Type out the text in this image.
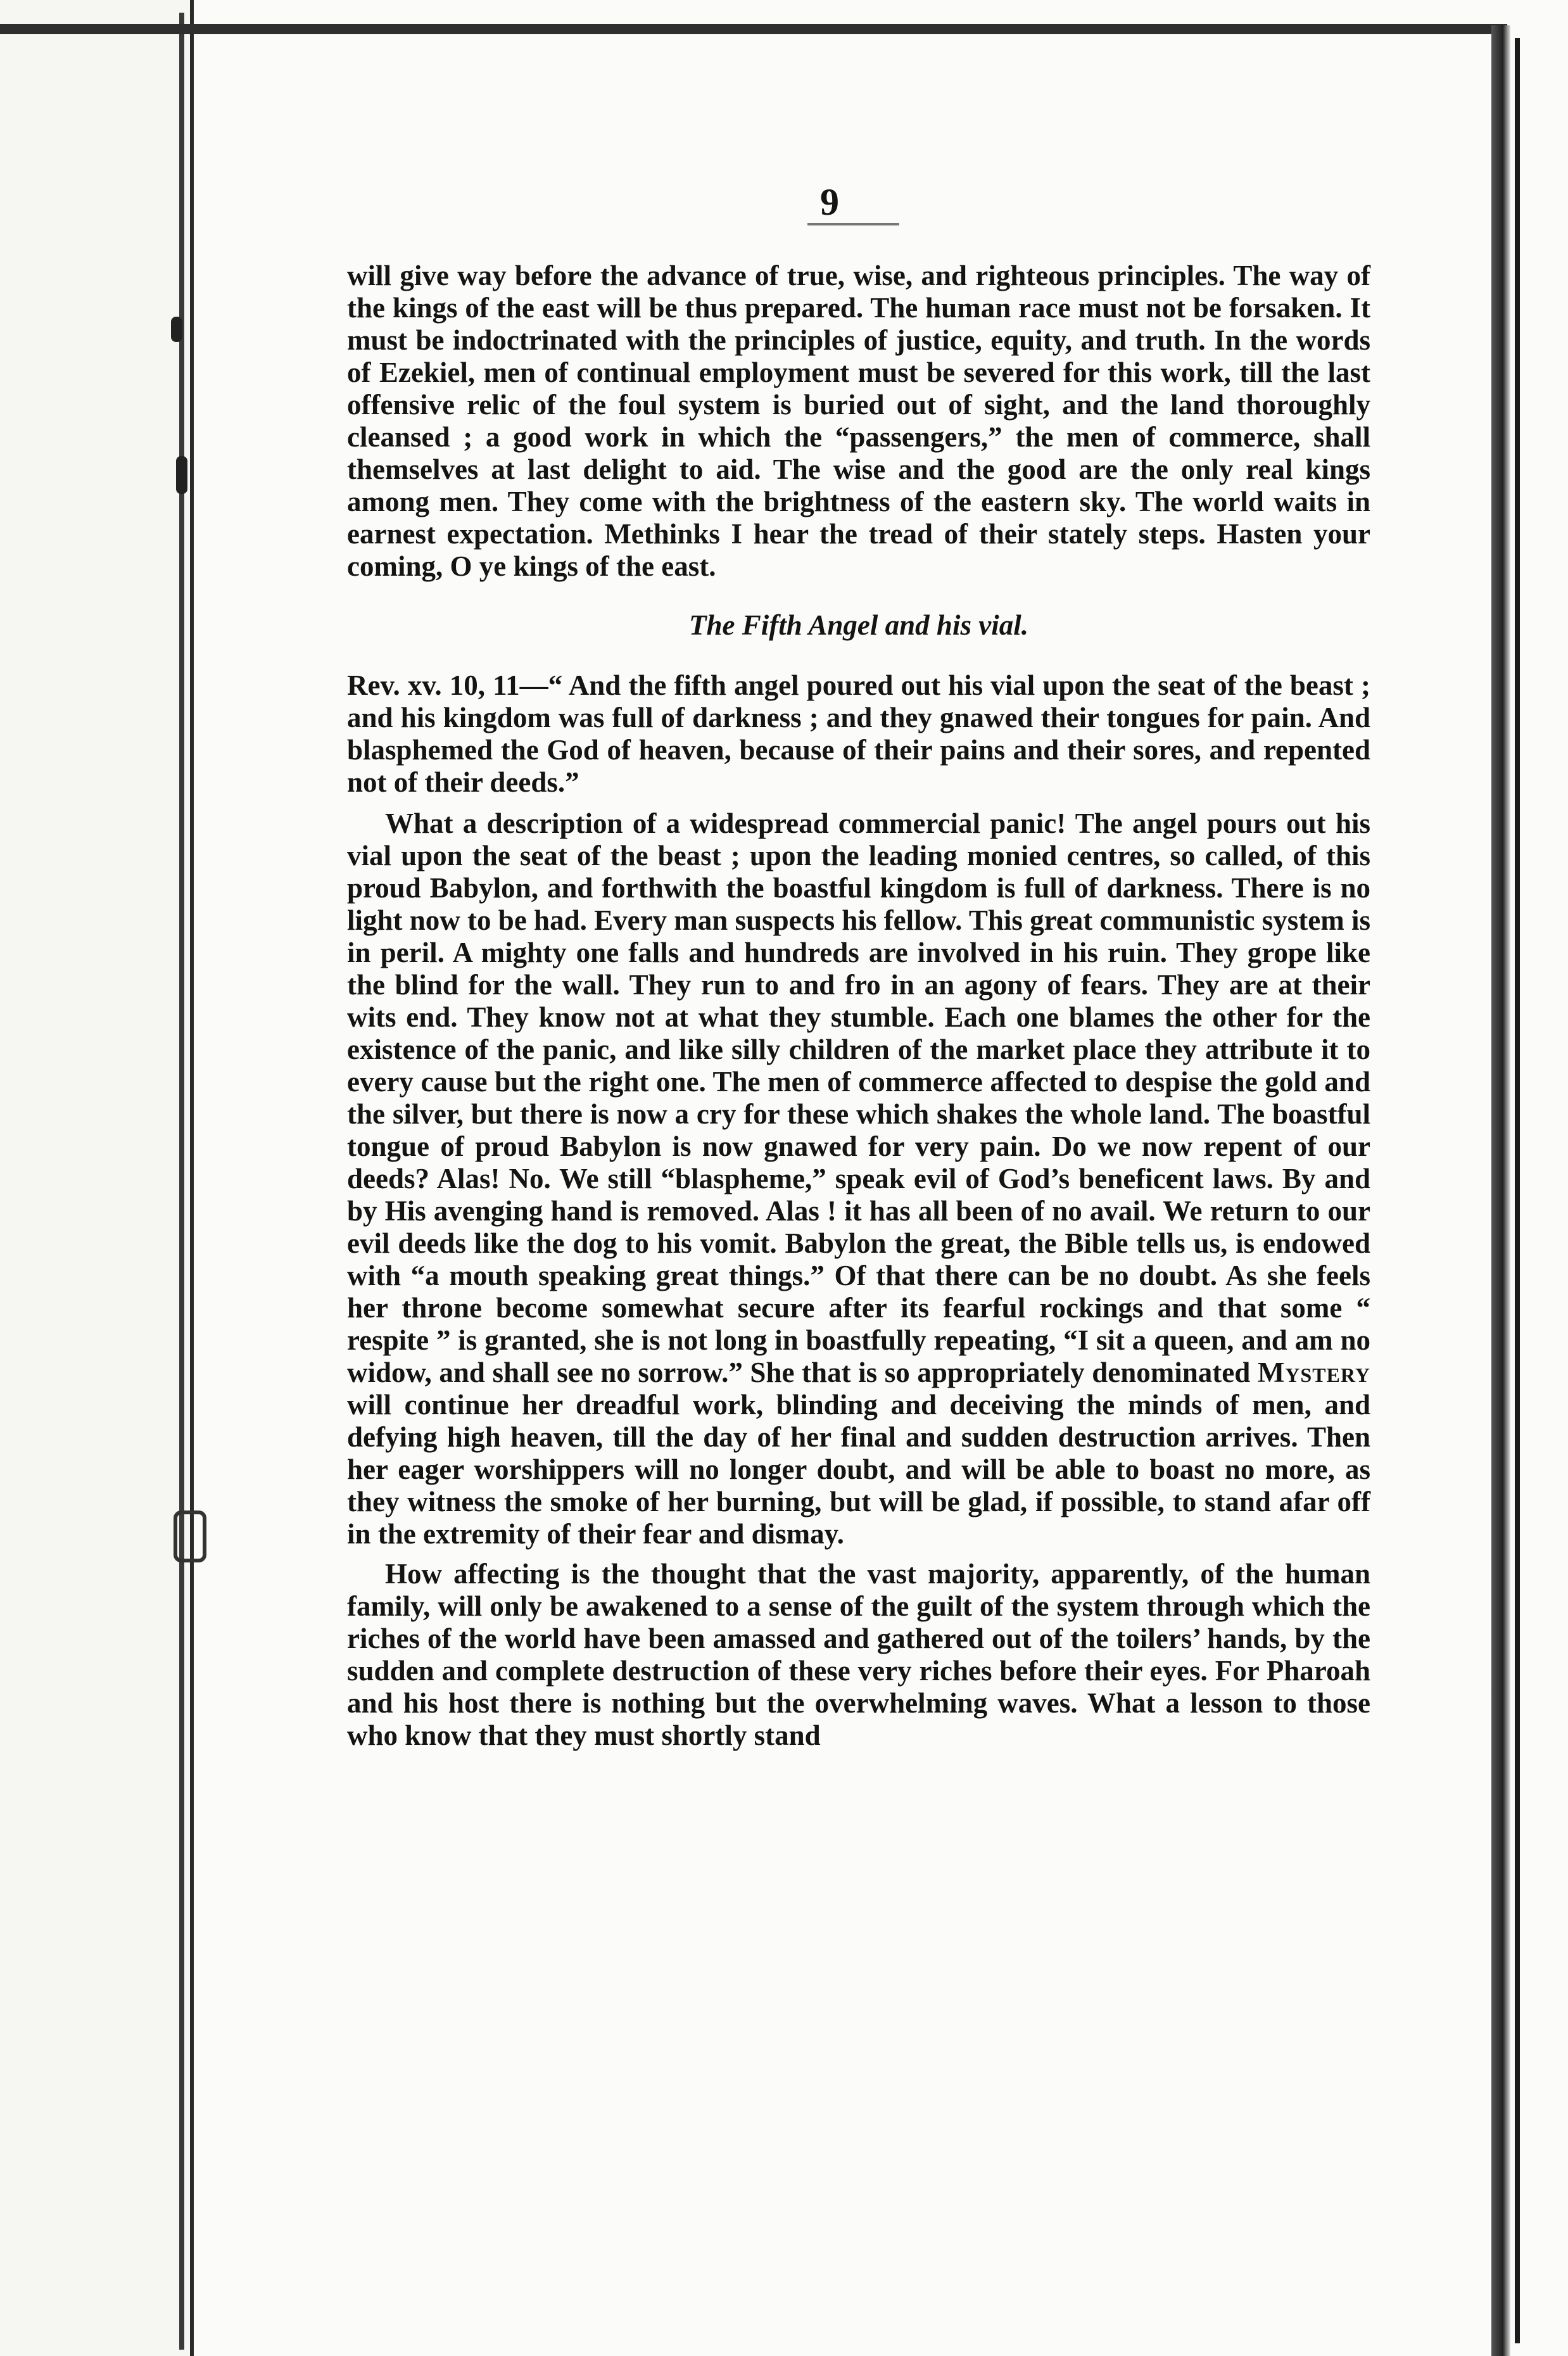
9

will give way before the advance of true, wise, and righteous principles. The way of the kings of the east will be thus prepared. The human race must not be forsaken. It must be indoctrinated with the principles of justice, equity, and truth. In the words of Ezekiel, men of continual employment must be severed for this work, till the last offensive relic of the foul system is buried out of sight, and the land thoroughly cleansed ; a good work in which the “passengers,” the men of commerce, shall themselves at last delight to aid. The wise and the good are the only real kings among men. They come with the brightness of the eastern sky. The world waits in earnest expectation. Methinks I hear the tread of their stately steps. Hasten your coming, O ye kings of the east.

The Fifth Angel and his vial.

Rev. xv. 10, 11—“ And the fifth angel poured out his vial upon the seat of the beast ; and his kingdom was full of darkness ; and they gnawed their tongues for pain. And blasphemed the God of heaven, because of their pains and their sores, and repented not of their deeds.”

What a description of a widespread commercial panic! The angel pours out his vial upon the seat of the beast ; upon the leading monied centres, so called, of this proud Babylon, and forthwith the boastful kingdom is full of darkness. There is no light now to be had. Every man suspects his fellow. This great communistic system is in peril. A mighty one falls and hundreds are involved in his ruin. They grope like the blind for the wall. They run to and fro in an agony of fears. They are at their wits end. They know not at what they stumble. Each one blames the other for the existence of the panic, and like silly children of the market place they attribute it to every cause but the right one. The men of commerce affected to despise the gold and the silver, but there is now a cry for these which shakes the whole land. The boastful tongue of proud Babylon is now gnawed for very pain. Do we now repent of our deeds? Alas! No. We still “blaspheme,” speak evil of God’s beneficent laws. By and by His avenging hand is removed. Alas ! it has all been of no avail. We return to our evil deeds like the dog to his vomit. Babylon the great, the Bible tells us, is endowed with “a mouth speaking great things.” Of that there can be no doubt. As she feels her throne become somewhat secure after its fearful rockings and that some “ respite ” is granted, she is not long in boastfully repeating, “I sit a queen, and am no widow, and shall see no sorrow.” She that is so appropriately denominated Mystery will continue her dreadful work, blinding and deceiving the minds of men, and defying high heaven, till the day of her final and sudden destruction arrives. Then her eager worshippers will no longer doubt, and will be able to boast no more, as they witness the smoke of her burning, but will be glad, if possible, to stand afar off in the extremity of their fear and dismay.

How affecting is the thought that the vast majority, apparently, of the human family, will only be awakened to a sense of the guilt of the system through which the riches of the world have been amassed and gathered out of the toilers’ hands, by the sudden and complete destruction of these very riches before their eyes. For Pharoah and his host there is nothing but the overwhelming waves. What a lesson to those who know that they must shortly stand
